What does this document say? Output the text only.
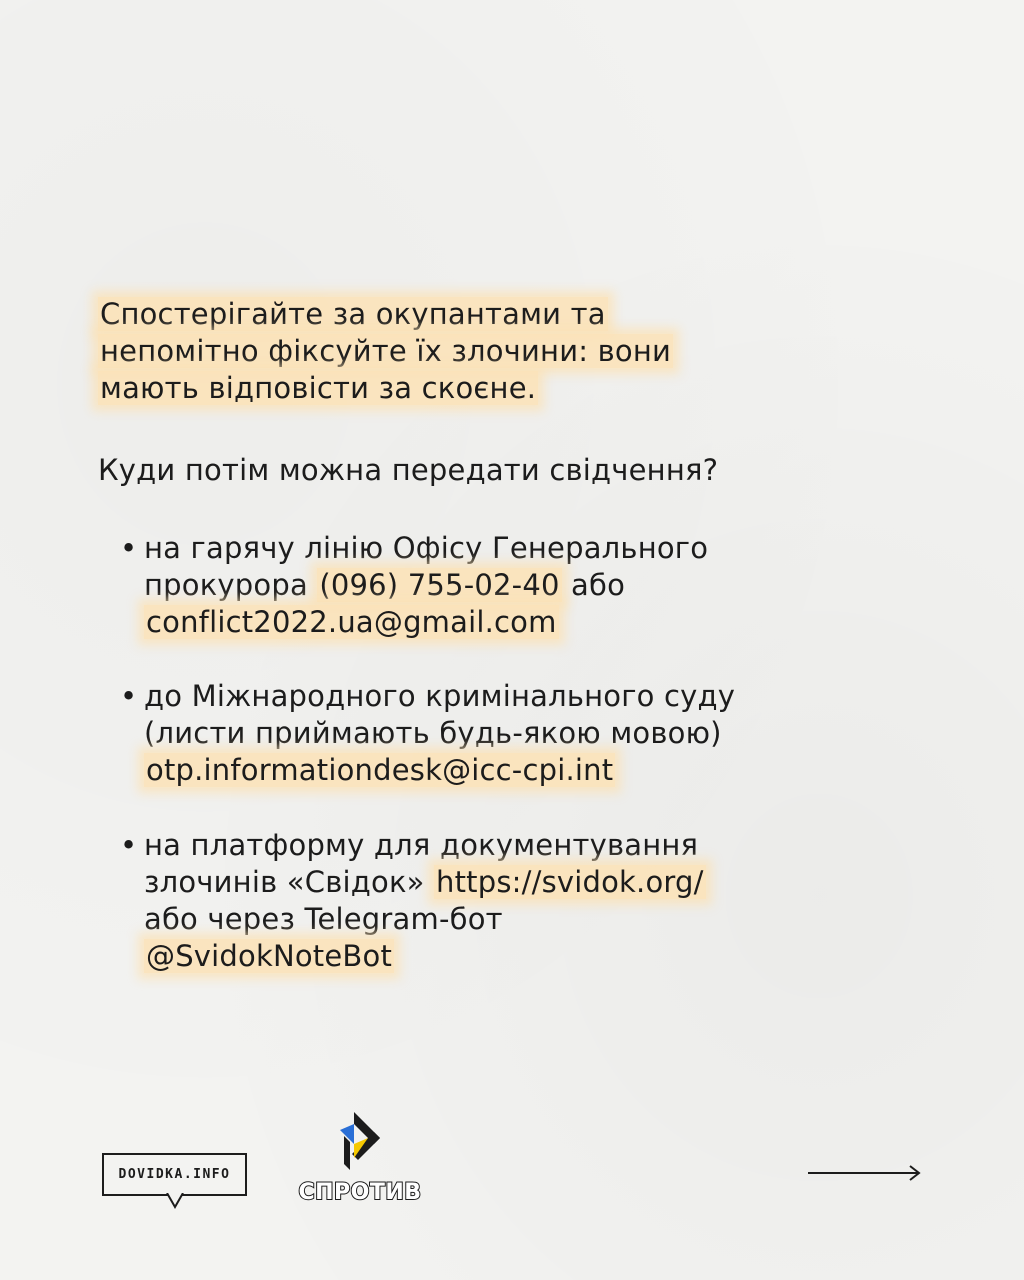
Спостерігайте за окупантами та
непомітно фіксуйте їх злочини: вони
мають відповісти за скоєне.

Куди потім можна передати свідчення?

• на гарячу лінію Офісу Генерального
прокурора (096) 755-02-40 або
conflict2022.ua@gmail.com
• до Міжнародного кримінального суду
(листи приймають будь-якою мовою)
otp.informationdesk@icc-cpi.int
• на платформу для документування
злочинів «Свідок» https://svidok.org/
або через Telegram-бот
@SvidokNoteBot
DOVIDKA.INFO
СПРОТИВ
